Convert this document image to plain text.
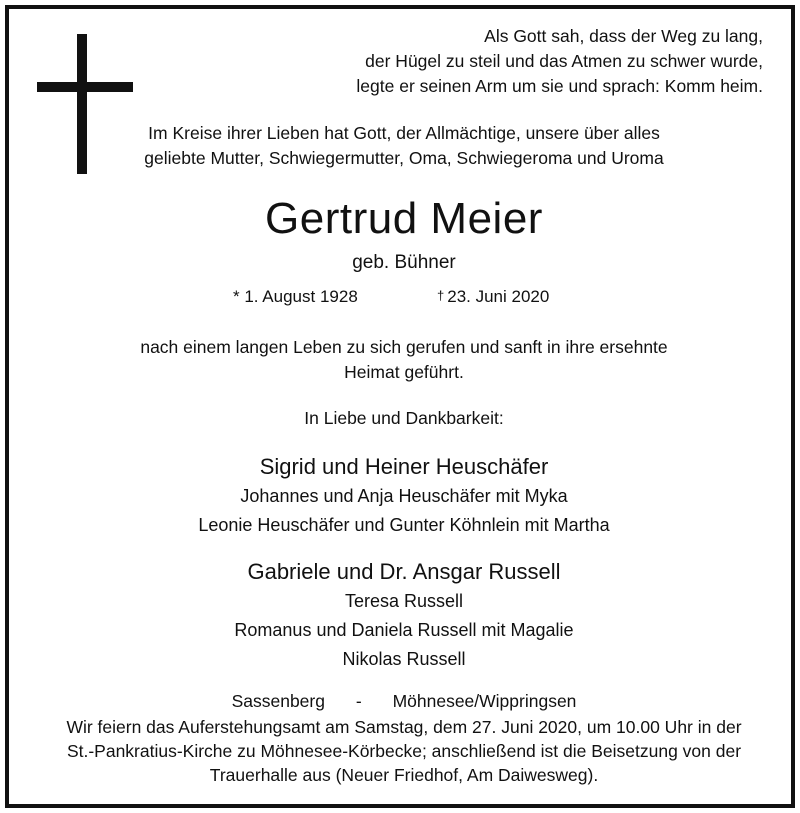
Als Gott sah, dass der Weg zu lang,
der Hügel zu steil und das Atmen zu schwer wurde,
legte er seinen Arm um sie und sprach: Komm heim.
Im Kreise ihrer Lieben hat Gott, der Allmächtige, unsere über alles
geliebte Mutter, Schwiegermutter, Oma, Schwiegeroma und Uroma
Gertrud Meier
geb. Bühner
* 1. August 1928	† 23. Juni 2020
nach einem langen Leben zu sich gerufen und sanft in ihre ersehnte
Heimat geführt.
In Liebe und Dankbarkeit:
Sigrid und Heiner Heuschäfer
Johannes und Anja Heuschäfer mit Myka
Leonie Heuschäfer und Gunter Köhnlein mit Martha
Gabriele und Dr. Ansgar Russell
Teresa Russell
Romanus und Daniela Russell mit Magalie
Nikolas Russell
Sassenberg - Möhnesee/Wippringsen
Wir feiern das Auferstehungsamt am Samstag, dem 27. Juni 2020, um 10.00 Uhr in der
St.-Pankratius-Kirche zu Möhnesee-Körbecke; anschließend ist die Beisetzung von der
Trauerhalle aus (Neuer Friedhof, Am Daiwesweg).
